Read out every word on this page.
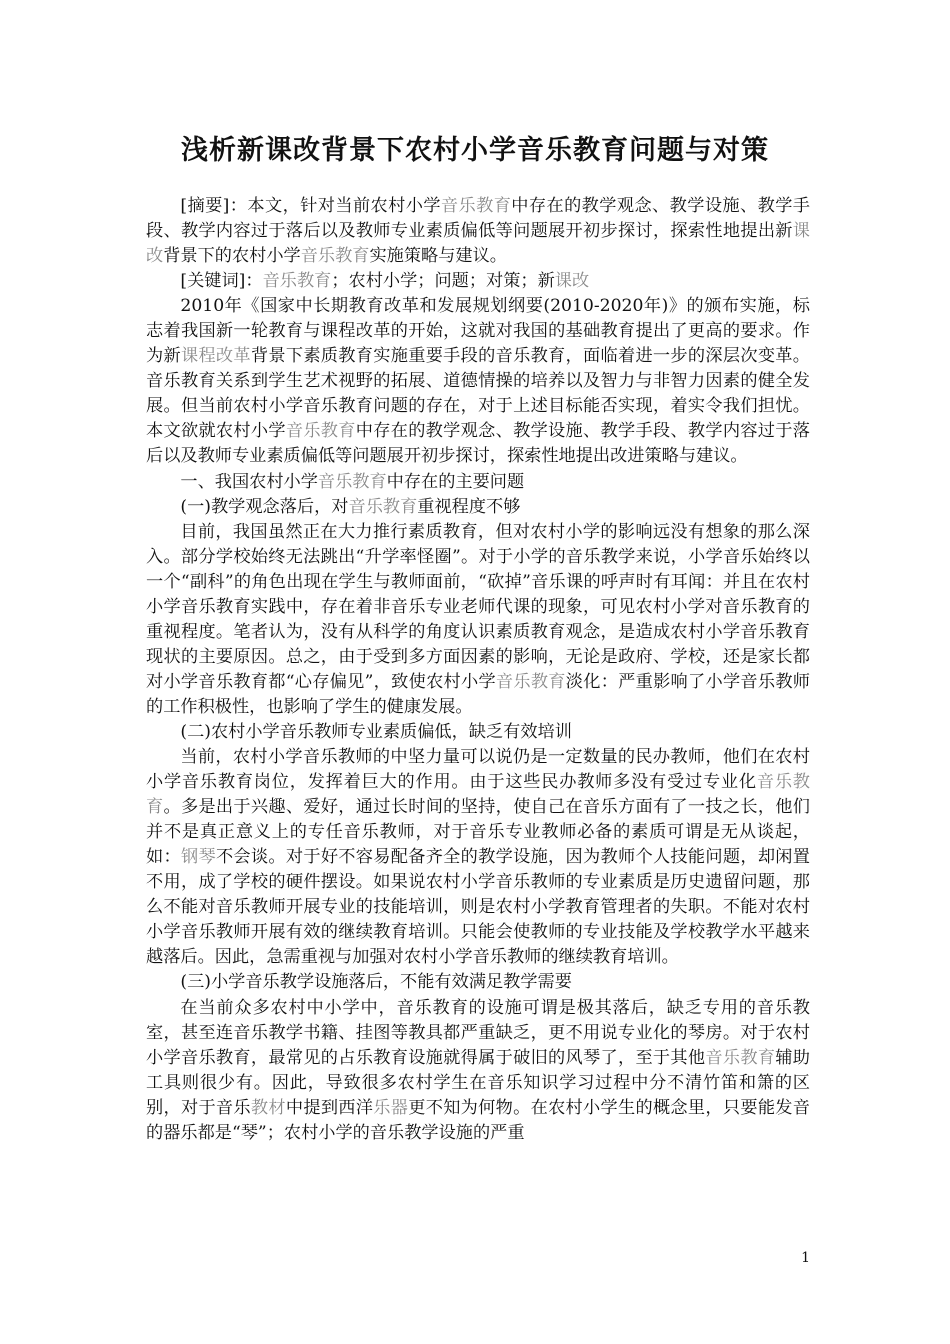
浅析新课改背景下农村小学音乐教育问题与对策

[摘要]：本文，针对当前农村小学音乐教育中存在的教学观念、教学设施、教学手段、教学内容过于落后以及教师专业素质偏低等问题展开初步探讨，探索性地提出新课改背景下的农村小学音乐教育实施策略与建议。

[关键词]：音乐教育；农村小学；问题；对策；新课改

2010年《国家中长期教育改革和发展规划纲要(2010-2020年)》的颁布实施，标志着我国新一轮教育与课程改革的开始，这就对我国的基础教育提出了更高的要求。作为新课程改革背景下素质教育实施重要手段的音乐教育，面临着进一步的深层次变革。音乐教育关系到学生艺术视野的拓展、道德情操的培养以及智力与非智力因素的健全发展。但当前农村小学音乐教育问题的存在，对于上述目标能否实现，着实令我们担忧。本文欲就农村小学音乐教育中存在的教学观念、教学设施、教学手段、教学内容过于落后以及教师专业素质偏低等问题展开初步探讨，探索性地提出改进策略与建议。

一、我国农村小学音乐教育中存在的主要问题

(一)教学观念落后，对音乐教育重视程度不够

目前，我国虽然正在大力推行素质教育，但对农村小学的影响远没有想象的那么深入。部分学校始终无法跳出“升学率怪圈”。对于小学的音乐教学来说，小学音乐始终以一个“副科”的角色出现在学生与教师面前，“砍掉”音乐课的呼声时有耳闻：并且在农村小学音乐教育实践中，存在着非音乐专业老师代课的现象，可见农村小学对音乐教育的重视程度。笔者认为，没有从科学的角度认识素质教育观念，是造成农村小学音乐教育现状的主要原因。总之，由于受到多方面因素的影响，无论是政府、学校，还是家长都对小学音乐教育都“心存偏见”，致使农村小学音乐教育淡化：严重影响了小学音乐教师的工作积极性，也影响了学生的健康发展。

(二)农村小学音乐教师专业素质偏低，缺乏有效培训

当前，农村小学音乐教师的中坚力量可以说仍是一定数量的民办教师，他们在农村小学音乐教育岗位，发挥着巨大的作用。由于这些民办教师多没有受过专业化音乐教育。多是出于兴趣、爱好，通过长时间的坚持，使自己在音乐方面有了一技之长，他们并不是真正意义上的专任音乐教师，对于音乐专业教师必备的素质可谓是无从谈起，如：钢琴不会谈。对于好不容易配备齐全的教学设施，因为教师个人技能问题，却闲置不用，成了学校的硬件摆设。如果说农村小学音乐教师的专业素质是历史遗留问题，那么不能对音乐教师开展专业的技能培训，则是农村小学教育管理者的失职。不能对农村小学音乐教师开展有效的继续教育培训。只能会使教师的专业技能及学校教学水平越来越落后。因此，急需重视与加强对农村小学音乐教师的继续教育培训。

(三)小学音乐教学设施落后，不能有效满足教学需要

在当前众多农村中小学中，音乐教育的设施可谓是极其落后，缺乏专用的音乐教室，甚至连音乐教学书籍、挂图等教具都严重缺乏，更不用说专业化的琴房。对于农村小学音乐教育，最常见的占乐教育设施就得属于破旧的风琴了，至于其他音乐教育辅助工具则很少有。因此，导致很多农村学生在音乐知识学习过程中分不清竹笛和箫的区别，对于音乐教材中提到西洋乐器更不知为何物。在农村小学生的概念里，只要能发音的器乐都是“琴”；农村小学的音乐教学设施的严重

1
